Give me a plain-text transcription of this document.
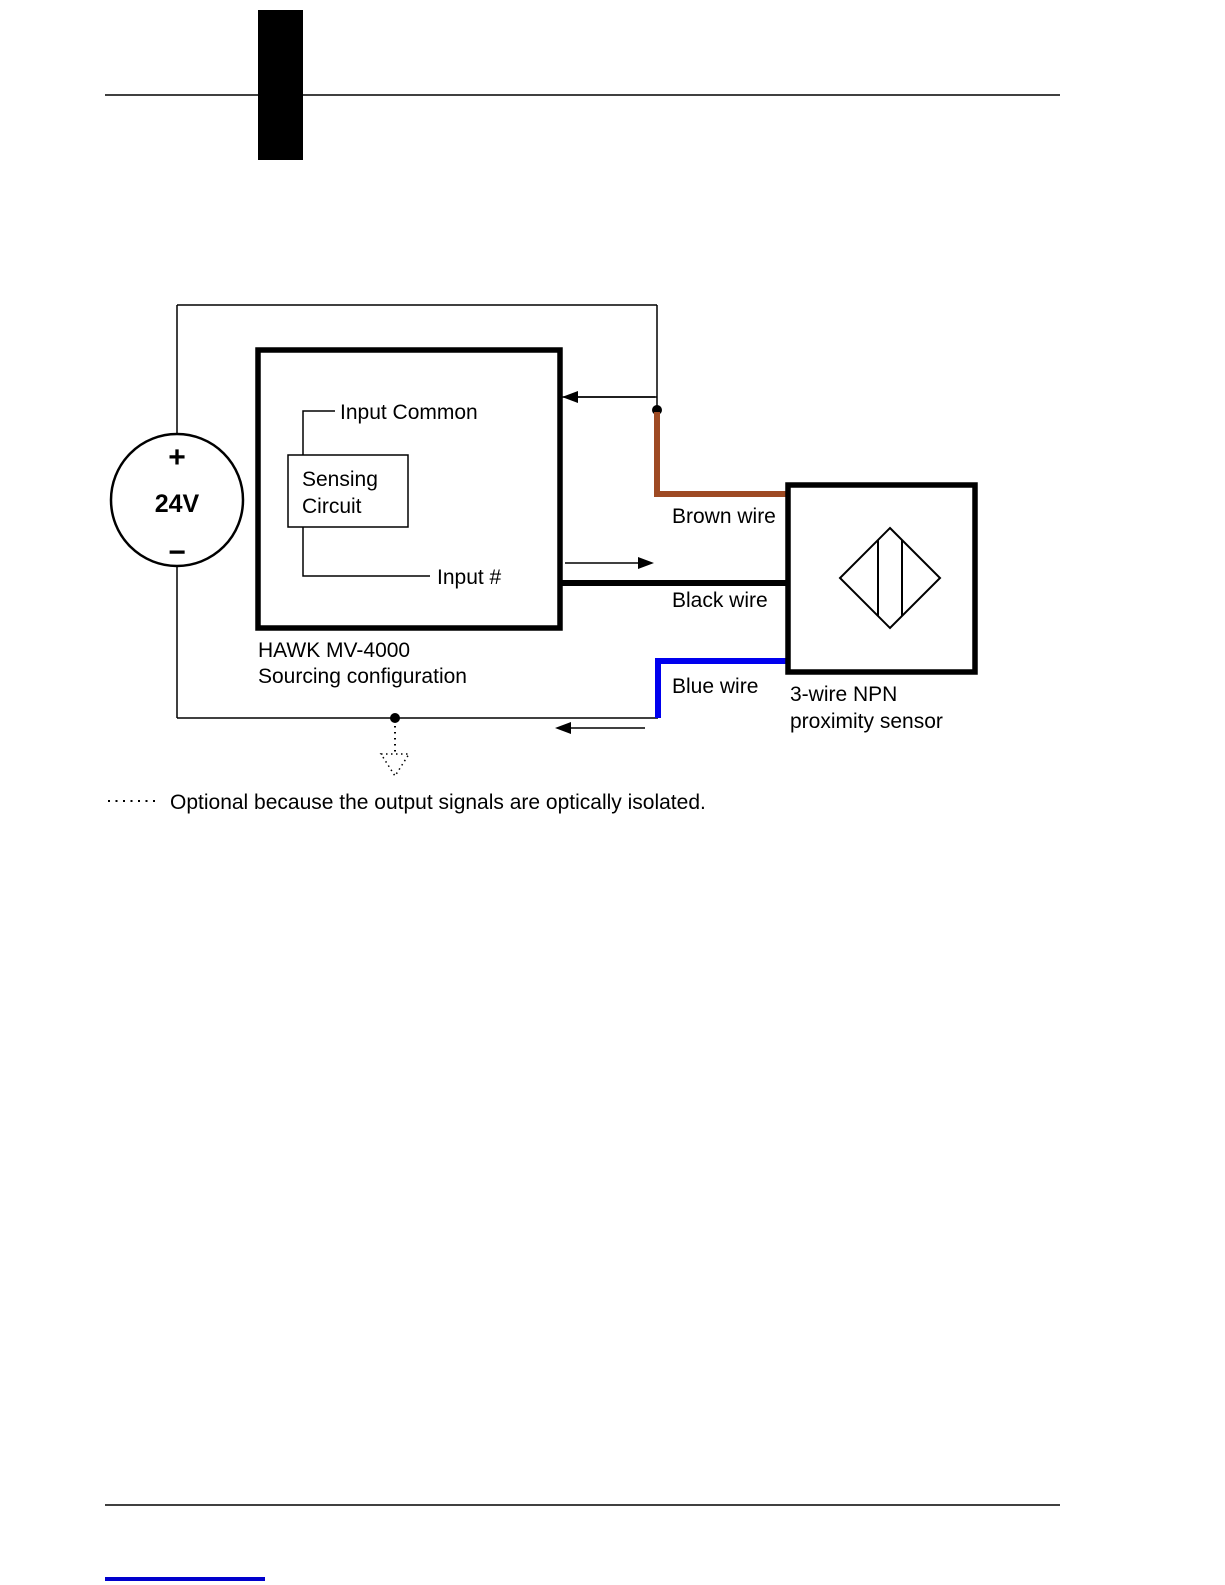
+
24V
−
Sensing
Circuit
Input Common
Input #
HAWK MV-4000
Sourcing configuration
3-wire NPN
proximity sensor
Brown wire
Black wire
Blue wire
Optional because the output signals are optically isolated.
